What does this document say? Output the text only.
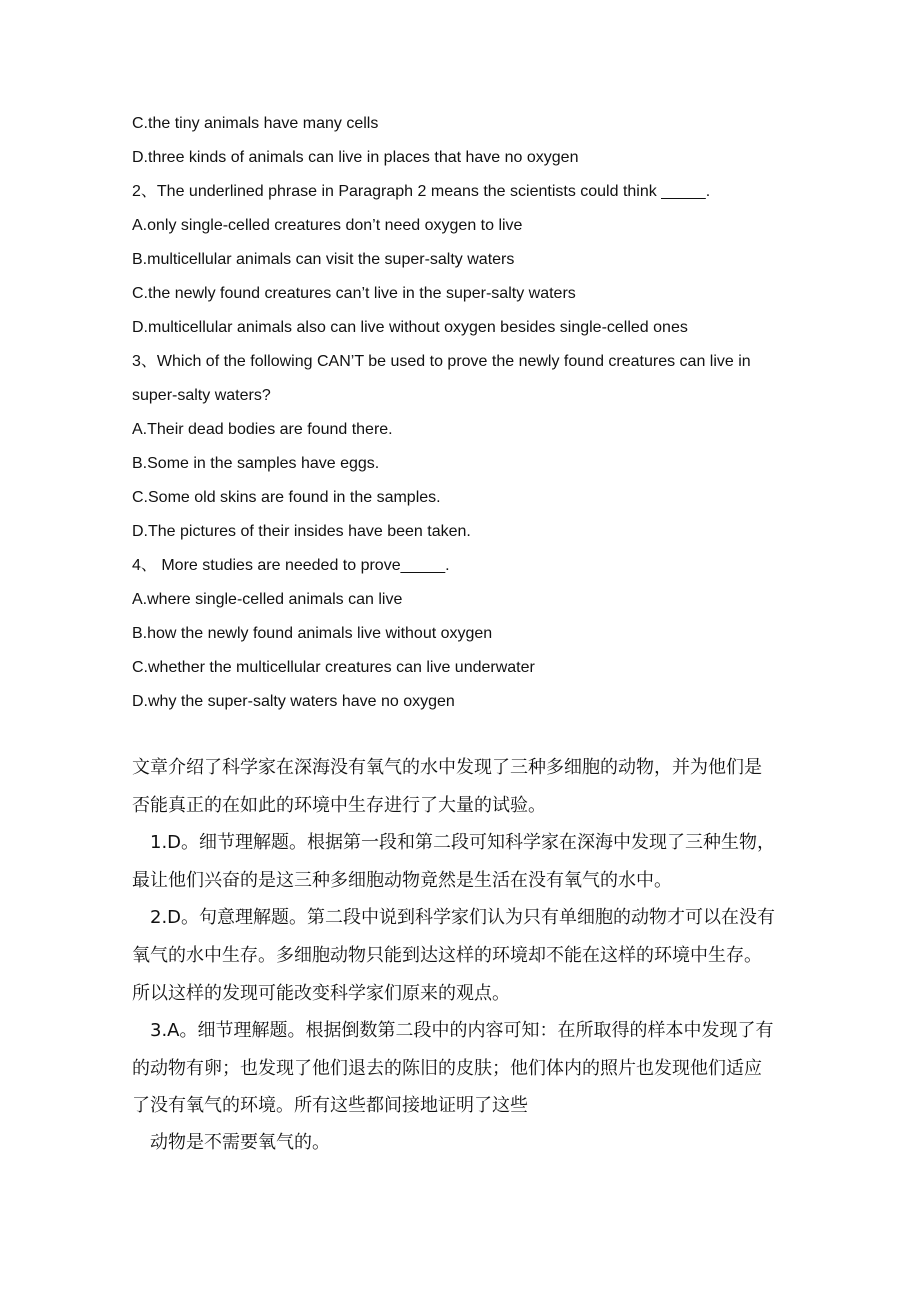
C.the tiny animals have many cells
D.three kinds of animals can live in places that have no oxygen
2、The underlined phrase in Paragraph 2 means the scientists could think _____.
A.only single-celled creatures don’t need oxygen to live
B.multicellular animals can visit the super-salty waters
C.the newly found creatures can’t live in the super-salty waters
D.multicellular animals also can live without oxygen besides single-celled ones
3、Which of the following CAN’T be used to prove the newly found creatures can live in
super-salty waters?
A.Their dead bodies are found there.
B.Some in the samples have eggs.
C.Some old skins are found in the samples.
D.The pictures of their insides have been taken.
4、 More studies are needed to prove_____.
A.where single-celled animals can live
B.how the newly found animals live without oxygen
C.whether the multicellular creatures can live underwater
D.why the super-salty waters have no oxygen
文章介绍了科学家在深海没有氧气的水中发现了三种多细胞的动物，并为他们是
否能真正的在如此的环境中生存进行了大量的试验。
1.D。细节理解题。根据第一段和第二段可知科学家在深海中发现了三种生物，
最让他们兴奋的是这三种多细胞动物竟然是生活在没有氧气的水中。
2.D。句意理解题。第二段中说到科学家们认为只有单细胞的动物才可以在没有
氧气的水中生存。多细胞动物只能到达这样的环境却不能在这样的环境中生存。
所以这样的发现可能改变科学家们原来的观点。
3.A。细节理解题。根据倒数第二段中的内容可知：在所取得的样本中发现了有
的动物有卵；也发现了他们退去的陈旧的皮肤；他们体内的照片也发现他们适应
了没有氧气的环境。所有这些都间接地证明了这些
动物是不需要氧气的。
